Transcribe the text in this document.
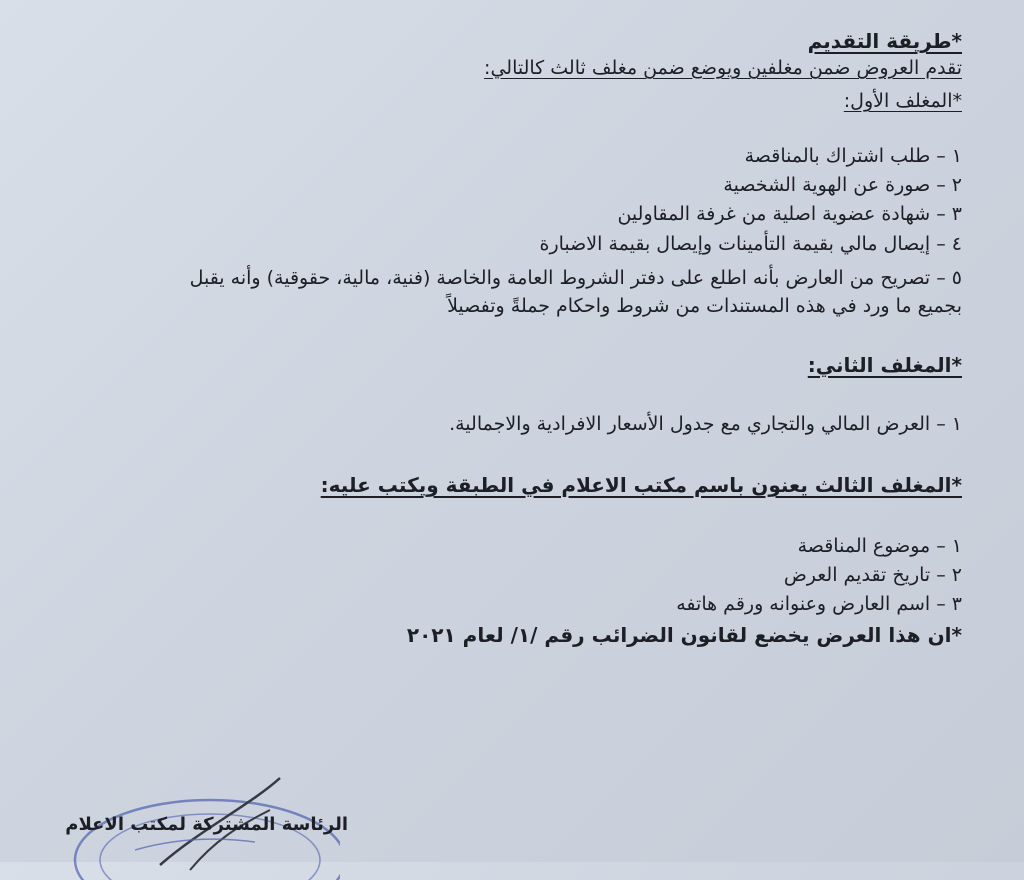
*طريقة التقديم
تقدم العروض ضمن مغلفين ويوضع ضمن مغلف ثالث كالتالي:
*المغلف الأول:
١ – طلب اشتراك بالمناقصة
٢ – صورة عن الهوية الشخصية
٣ – شهادة عضوية اصلية من غرفة المقاولين
٤ – إيصال مالي بقيمة التأمينات وإيصال بقيمة الاضبارة
٥ – تصريح من العارض بأنه اطلع على دفتر الشروط العامة والخاصة (فنية، مالية، حقوقية) وأنه يقبل
بجميع ما ورد في هذه المستندات من شروط واحكام جملةً وتفصيلاً
*المغلف الثاني:
١ – العرض المالي والتجاري مع جدول الأسعار الافرادية والاجمالية.
*المغلف الثالث يعنون باسم مكتب الاعلام في الطبقة ويكتب عليه:
١ – موضوع المناقصة
٢ – تاريخ تقديم العرض
٣ – اسم العارض وعنوانه ورقم هاتفه
*ان هذا العرض يخضع لقانون الضرائب رقم /١/ لعام ٢٠٢١
الرئاسة المشتركة لمكتب الاعلام
